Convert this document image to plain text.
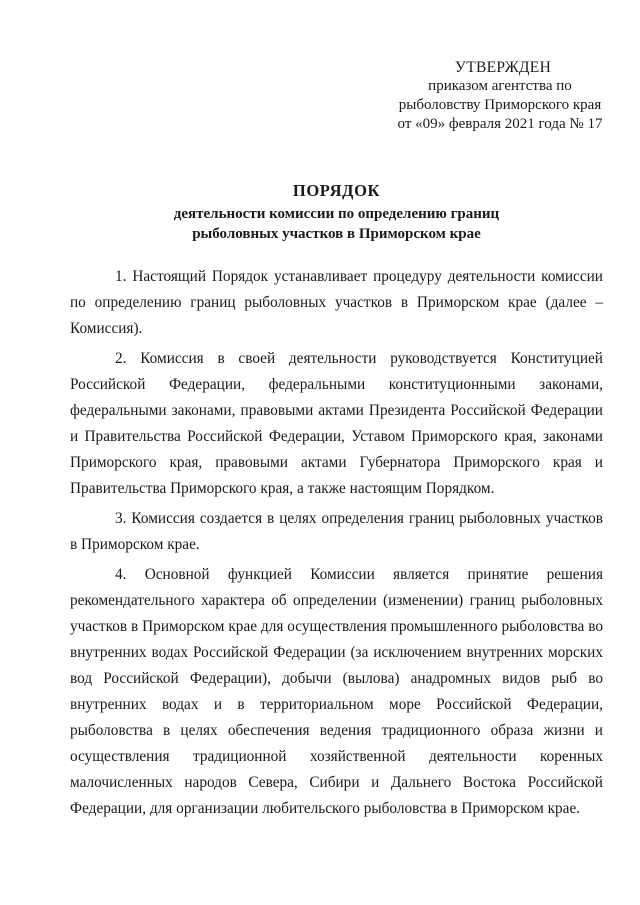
УТВЕРЖДЕН
приказом агентства по
рыболовству Приморского края
от «09» февраля 2021 года № 17
ПОРЯДОК
деятельности комиссии по определению границ
рыболовных участков в Приморском крае

1. Настоящий Порядок устанавливает процедуру деятельности комиссии по определению границ рыболовных участков в Приморском крае (далее – Комиссия).

2. Комиссия в своей деятельности руководствуется Конституцией Российской Федерации, федеральными конституционными законами, федеральными законами, правовыми актами Президента Российской Федерации и Правительства Российской Федерации, Уставом Приморского края, законами Приморского края, правовыми актами Губернатора Приморского края и Правительства Приморского края, а также настоящим Порядком.

3. Комиссия создается в целях определения границ рыболовных участков в Приморском крае.

4. Основной функцией Комиссии является принятие решения рекомендательного характера об определении (изменении) границ рыболовных участков в Приморском крае для осуществления промышленного рыболовства во внутренних водах Российской Федерации (за исключением внутренних морских вод Российской Федерации), добычи (вылова) анадромных видов рыб во внутренних водах и в территориальном море Российской Федерации, рыболовства в целях обеспечения ведения традиционного образа жизни и осуществления традиционной хозяйственной деятельности коренных малочисленных народов Севера, Сибири и Дальнего Востока Российской Федерации, для организации любительского рыболовства в Приморском крае.
